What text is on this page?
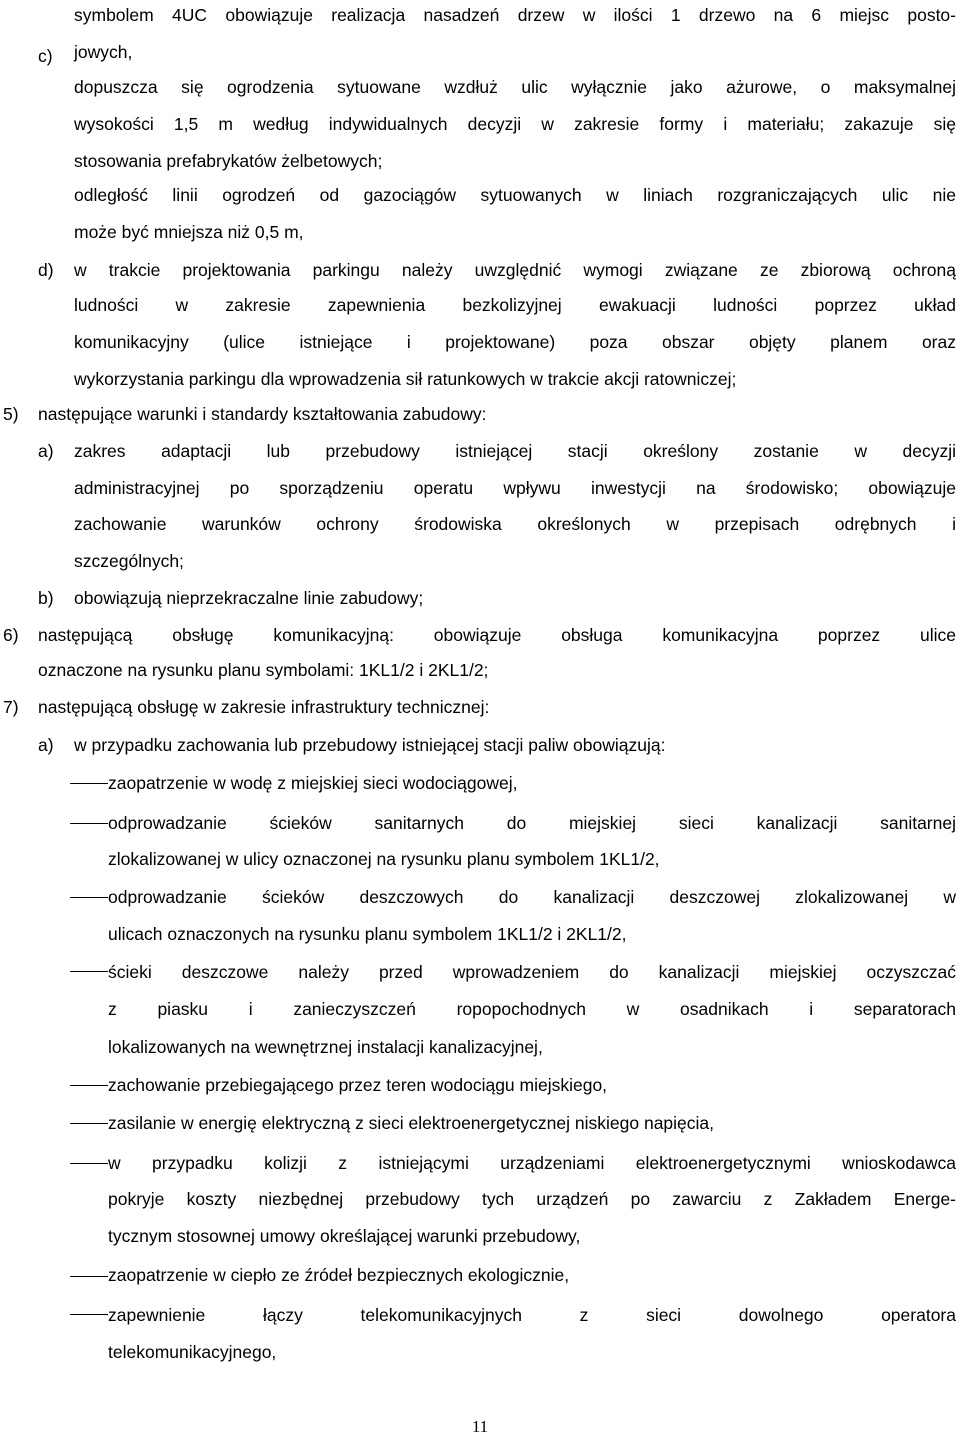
c)
d)
5)
a)
b)
6)
7)
a)
symbolem 4UC obowiązuje realizacja nasadzeń drzew w ilości 1 drzewo na 6 miejsc posto-
jowych,
dopuszcza się ogrodzenia sytuowane wzdłuż ulic wyłącznie jako ażurowe, o maksymalnej
wysokości 1,5 m według indywidualnych decyzji w zakresie formy i materiału; zakazuje się
stosowania prefabrykatów żelbetowych;
odległość linii ogrodzeń od gazociągów sytuowanych w liniach rozgraniczających ulic nie
może być mniejsza niż 0,5 m,
w trakcie projektowania parkingu należy uwzględnić wymogi związane ze zbiorową ochroną
ludności w zakresie zapewnienia bezkolizyjnej ewakuacji ludności poprzez układ
komunikacyjny (ulice istniejące i projektowane) poza obszar objęty planem oraz
wykorzystania parkingu dla wprowadzenia sił ratunkowych w trakcie akcji ratowniczej;
następujące warunki i standardy kształtowania zabudowy:
zakres adaptacji lub przebudowy istniejącej stacji określony zostanie w decyzji
administracyjnej po sporządzeniu operatu wpływu inwestycji na środowisko; obowiązuje
zachowanie warunków ochrony środowiska określonych w przepisach odrębnych i
szczególnych;
obowiązują nieprzekraczalne linie zabudowy;
następującą obsługę komunikacyjną: obowiązuje obsługa komunikacyjna poprzez ulice
oznaczone na rysunku planu symbolami: 1KL1/2 i 2KL1/2;
następującą obsługę w zakresie infrastruktury technicznej:
w przypadku zachowania lub przebudowy istniejącej stacji paliw obowiązują:
zaopatrzenie w wodę z miejskiej sieci wodociągowej,
odprowadzanie ścieków sanitarnych do miejskiej sieci kanalizacji sanitarnej
zlokalizowanej w ulicy oznaczonej na rysunku planu symbolem 1KL1/2,
odprowadzanie ścieków deszczowych do kanalizacji deszczowej zlokalizowanej w
ulicach oznaczonych na rysunku planu symbolem 1KL1/2 i 2KL1/2,
ścieki deszczowe należy przed wprowadzeniem do kanalizacji miejskiej oczyszczać
z piasku i zanieczyszczeń ropopochodnych w osadnikach i separatorach
lokalizowanych na wewnętrznej instalacji kanalizacyjnej,
zachowanie przebiegającego przez teren wodociągu miejskiego,
zasilanie w energię elektryczną z sieci elektroenergetycznej niskiego napięcia,
w przypadku kolizji z istniejącymi urządzeniami elektroenergetycznymi wnioskodawca
pokryje koszty niezbędnej przebudowy tych urządzeń po zawarciu z Zakładem Energe-
tycznym stosownej umowy określającej warunki przebudowy,
zaopatrzenie w ciepło ze źródeł bezpiecznych ekologicznie,
zapewnienie łączy telekomunikacyjnych z sieci dowolnego operatora
telekomunikacyjnego,
11
